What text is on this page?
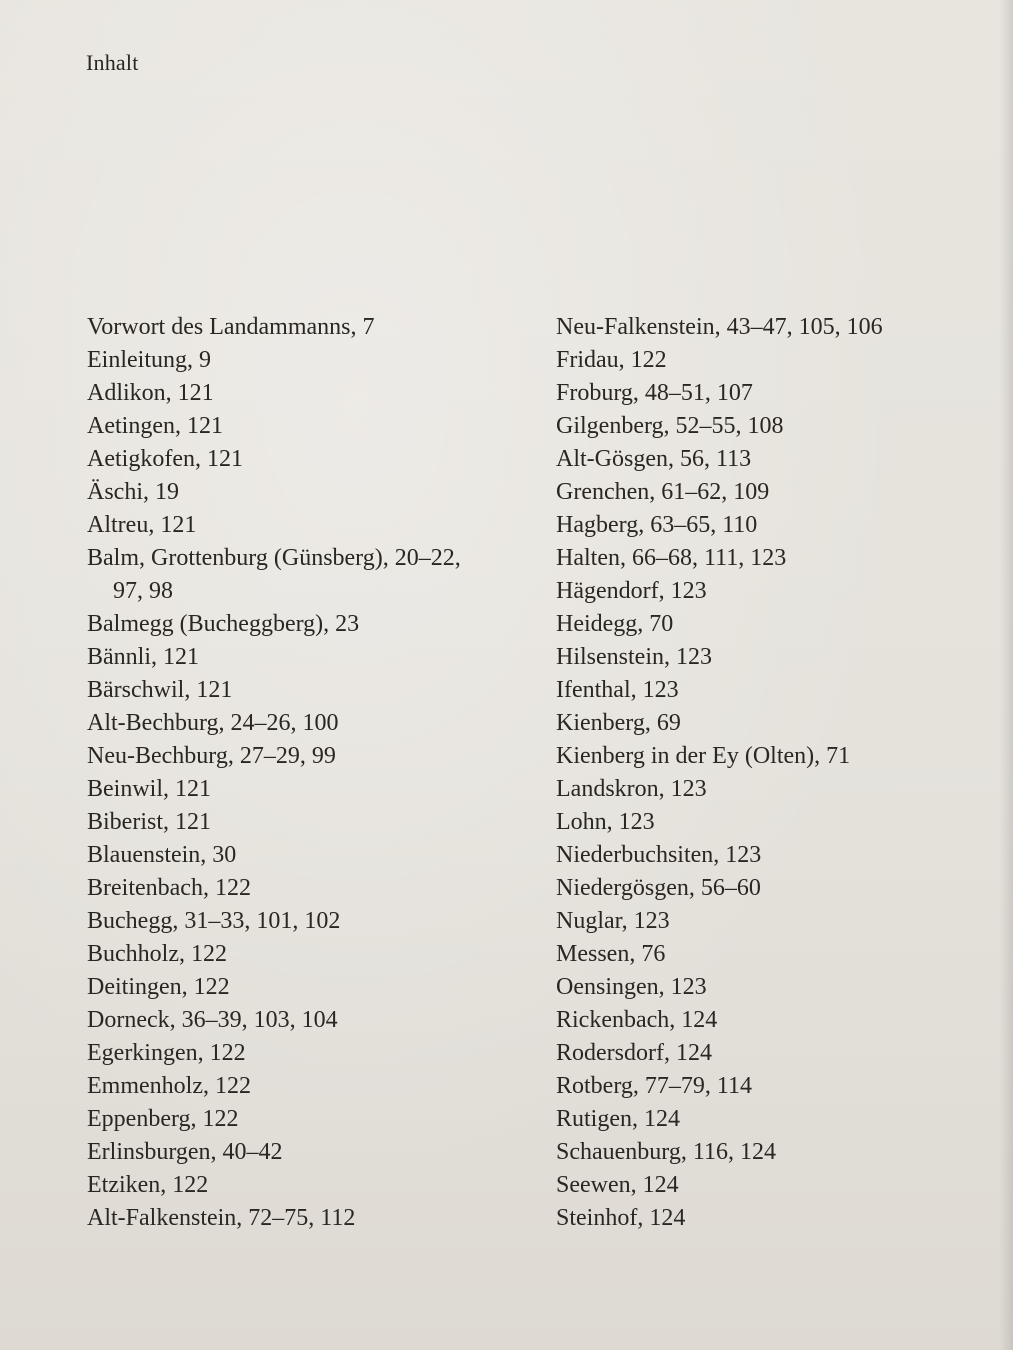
Inhalt
Vorwort des Landammanns, 7
Einleitung, 9
Adlikon, 121
Aetingen, 121
Aetigkofen, 121
Äschi, 19
Altreu, 121
Balm, Grottenburg (Günsberg), 20–22,
97, 98
Balmegg (Bucheggberg), 23
Bännli, 121
Bärschwil, 121
Alt-Bechburg, 24–26, 100
Neu-Bechburg, 27–29, 99
Beinwil, 121
Biberist, 121
Blauenstein, 30
Breitenbach, 122
Buchegg, 31–33, 101, 102
Buchholz, 122
Deitingen, 122
Dorneck, 36–39, 103, 104
Egerkingen, 122
Emmenholz, 122
Eppenberg, 122
Erlinsburgen, 40–42
Etziken, 122
Alt-Falkenstein, 72–75, 112
Neu-Falkenstein, 43–47, 105, 106
Fridau, 122
Froburg, 48–51, 107
Gilgenberg, 52–55, 108
Alt-Gösgen, 56, 113
Grenchen, 61–62, 109
Hagberg, 63–65, 110
Halten, 66–68, 111, 123
Hägendorf, 123
Heidegg, 70
Hilsenstein, 123
Ifenthal, 123
Kienberg, 69
Kienberg in der Ey (Olten), 71
Landskron, 123
Lohn, 123
Niederbuchsiten, 123
Niedergösgen, 56–60
Nuglar, 123
Messen, 76
Oensingen, 123
Rickenbach, 124
Rodersdorf, 124
Rotberg, 77–79, 114
Rutigen, 124
Schauenburg, 116, 124
Seewen, 124
Steinhof, 124
